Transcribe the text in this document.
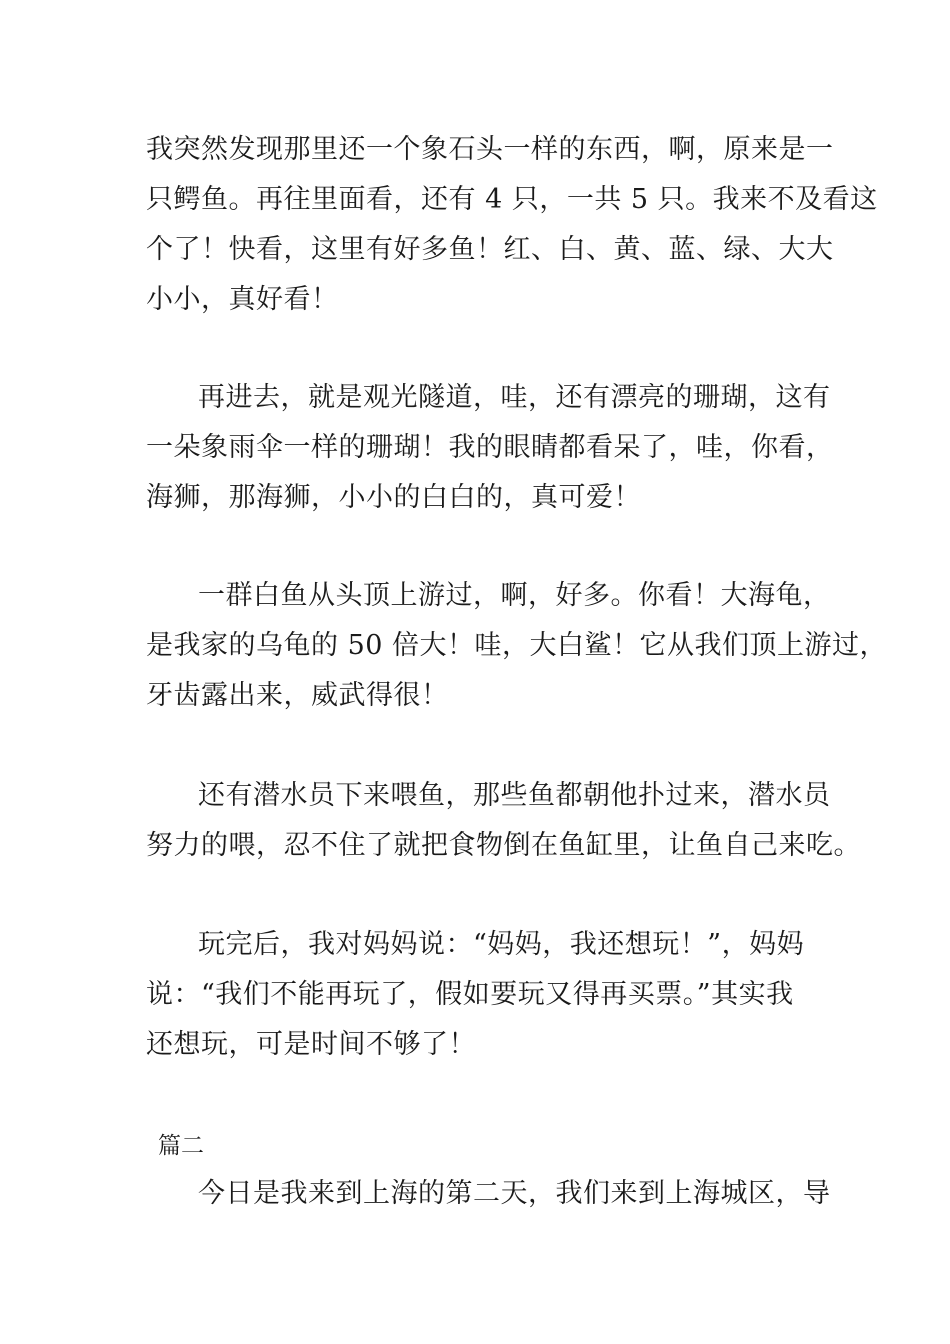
我突然发现那里还一个象石头一样的东西，啊，原来是一
只鳄鱼。再往里面看，还有 4 只，一共 5 只。我来不及看这
个了！快看，这里有好多鱼！红、白、黄、蓝、绿、大大
小小，真好看！
再进去，就是观光隧道，哇，还有漂亮的珊瑚，这有
一朵象雨伞一样的珊瑚！我的眼睛都看呆了，哇，你看，
海狮，那海狮，小小的白白的，真可爱！
一群白鱼从头顶上游过，啊，好多。你看！大海龟，
是我家的乌龟的 50 倍大！哇，大白鲨！它从我们顶上游过，
牙齿露出来，威武得很！
还有潜水员下来喂鱼，那些鱼都朝他扑过来，潜水员
努力的喂，忍不住了就把食物倒在鱼缸里，让鱼自己来吃。
玩完后，我对妈妈说：“妈妈，我还想玩！”，妈妈
说：“我们不能再玩了，假如要玩又得再买票。”其实我
还想玩，可是时间不够了！
篇二
今日是我来到上海的第二天，我们来到上海城区，导
